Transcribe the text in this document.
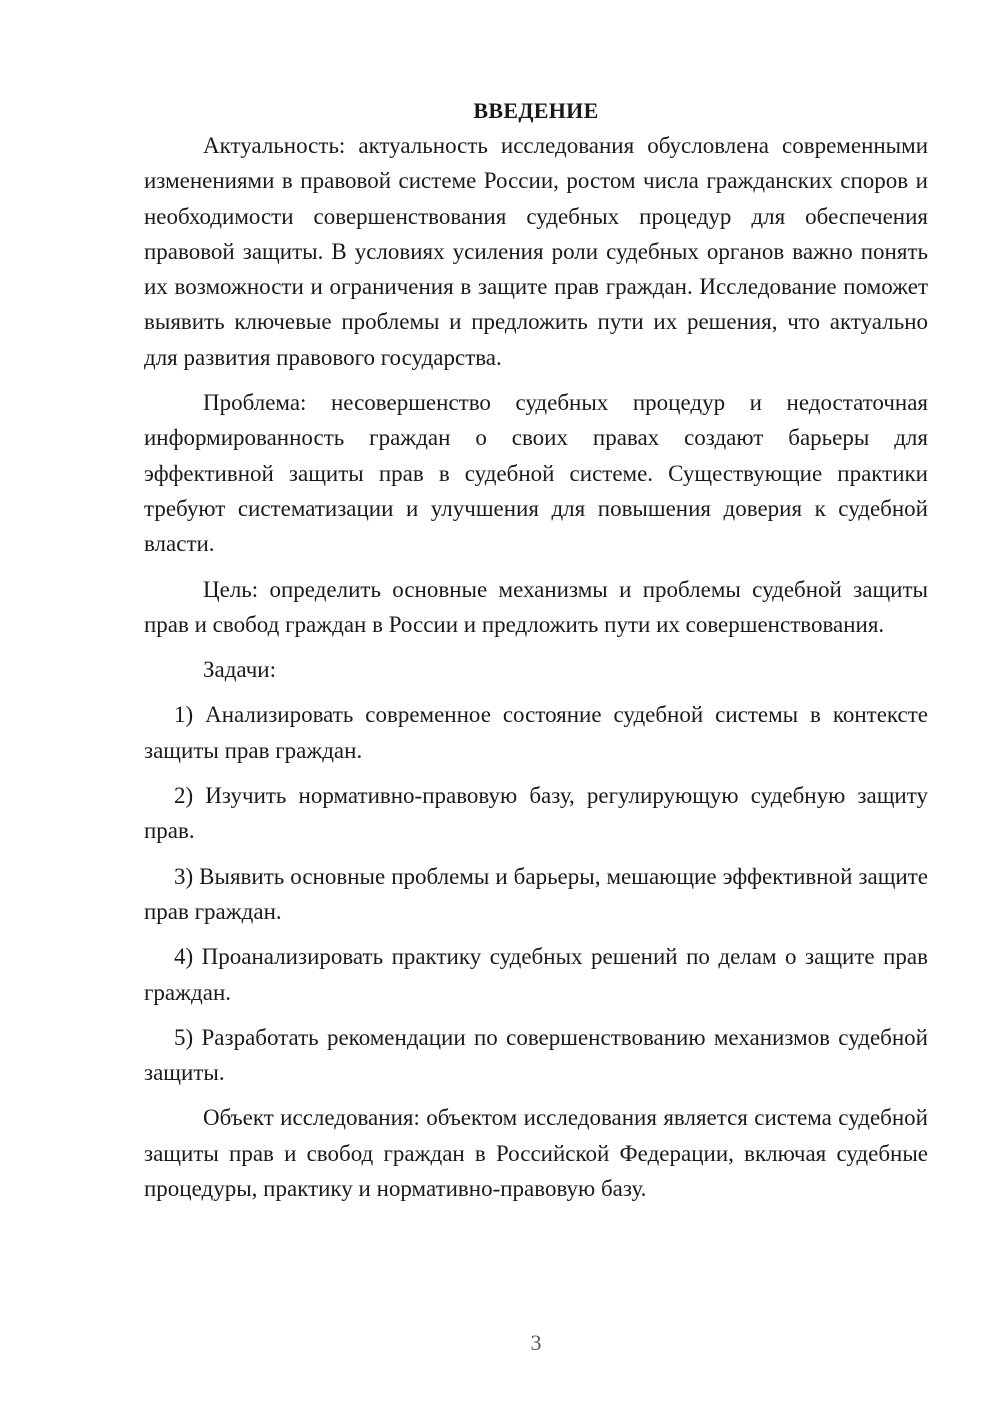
ВВЕДЕНИЕ

Актуальность: актуальность исследования обусловлена современными изменениями в правовой системе России, ростом числа гражданских споров и необходимости совершенствования судебных процедур для обеспечения правовой защиты. В условиях усиления роли судебных органов важно понять их возможности и ограничения в защите прав граждан. Исследование поможет выявить ключевые проблемы и предложить пути их решения, что актуально для развития правового государства.

Проблема: несовершенство судебных процедур и недостаточная информированность граждан о своих правах создают барьеры для эффективной защиты прав в судебной системе. Существующие практики требуют систематизации и улучшения для повышения доверия к судебной власти.

Цель: определить основные механизмы и проблемы судебной защиты прав и свобод граждан в России и предложить пути их совершенствования.

Задачи:

1) Анализировать современное состояние судебной системы в контексте защиты прав граждан.

2) Изучить нормативно-правовую базу, регулирующую судебную защиту прав.

3) Выявить основные проблемы и барьеры, мешающие эффективной защите прав граждан.

4) Проанализировать практику судебных решений по делам о защите прав граждан.

5) Разработать рекомендации по совершенствованию механизмов судебной защиты.

Объект исследования: объектом исследования является система судебной защиты прав и свобод граждан в Российской Федерации, включая судебные процедуры, практику и нормативно-правовую базу.

3
